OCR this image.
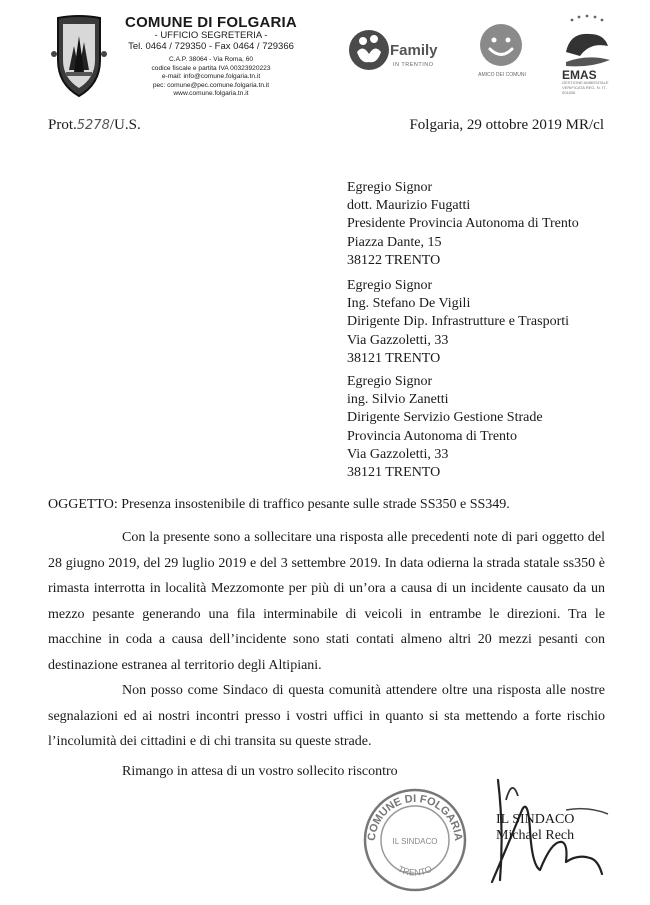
COMUNE DI FOLGARIA
- UFFICIO SEGRETERIA -
Tel. 0464 / 729350 - Fax 0464 / 729366
C.A.P. 38064 - Via Roma, 60
codice fiscale e partita IVA 00323920223
e-mail: info@comune.folgaria.tn.it
pec: comune@pec.comune.folgaria.tn.it
www.comune.folgaria.tn.it
Family
IN TRENTINO
AMICO DEI COMUNI	EMAS
GESTIONE AMBIENTALE VERIFICATA REG. N. IT-001836
Prot.5278/U.S.	Folgaria, 29 ottobre 2019 MR/cl
Egregio Signor
dott. Maurizio Fugatti
Presidente Provincia Autonoma di Trento
Piazza Dante, 15
38122 TRENTO
Egregio Signor
Ing. Stefano De Vigili
Dirigente Dip. Infrastrutture e Trasporti
Via Gazzoletti, 33
38121 TRENTO
Egregio Signor
ing. Silvio Zanetti
Dirigente Servizio Gestione Strade
Provincia Autonoma di Trento
Via Gazzoletti, 33
38121 TRENTO
OGGETTO: Presenza insostenibile di traffico pesante sulle strade SS350 e SS349.

Con la presente sono a sollecitare una risposta alle precedenti note di pari oggetto del 28 giugno 2019, del 29 luglio 2019 e del 3 settembre 2019. In data odierna la strada statale ss350 è rimasta interrotta in località Mezzomonte per più di un’ora a causa di un incidente causato da un mezzo pesante generando una fila interminabile di veicoli in entrambe le direzioni. Tra le macchine in coda a causa dell’incidente sono stati contati almeno altri 20 mezzi pesanti con destinazione estranea al territorio degli Altipiani.

Non posso come Sindaco di questa comunità attendere oltre una risposta alle nostre segnalazioni ed ai nostri incontri presso i vostri uffici in quanto si sta mettendo a forte rischio l’incolumità dei cittadini e di chi transita su queste strade.

Rimango in attesa di un vostro sollecito riscontro
COMUNE DI FOLGARIA
IL SINDACO
TRENTO
IL SINDACO
Michael Rech
